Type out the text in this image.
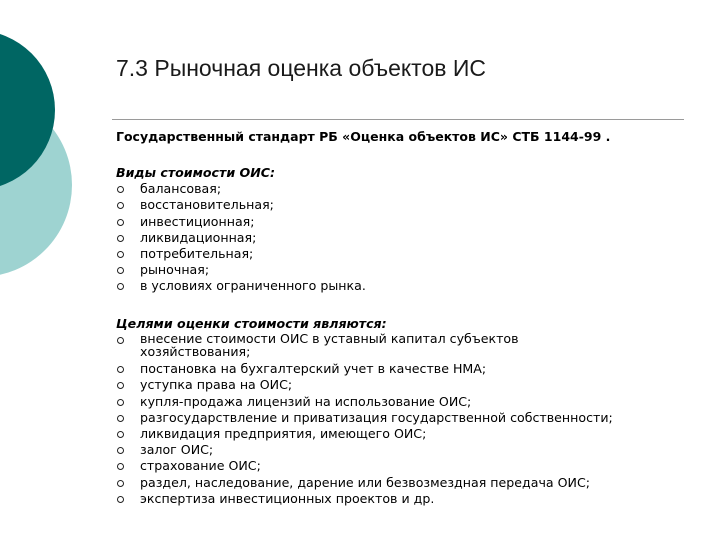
7.3 Рыночная оценка объектов ИС
Государственный стандарт РБ «Оценка объектов ИС» СТБ 1144-99 .
Виды стоимости ОИС:
балансовая;
восстановительная;
инвестиционная;
ликвидационная;
потребительная;
рыночная;
в условиях ограниченного рынка.
Целями оценки стоимости являются:
внесение стоимости ОИС в уставный капитал субъектов хозяйствования;
постановка на бухгалтерский учет в качестве НМА;
уступка права на ОИС;
купля-продажа лицензий на использование ОИС;
разгосударствление и приватизация государственной собственности;
ликвидация предприятия, имеющего ОИС;
залог ОИС;
страхование ОИС;
раздел, наследование, дарение или безвозмездная передача ОИС;
экспертиза инвестиционных проектов и др.
